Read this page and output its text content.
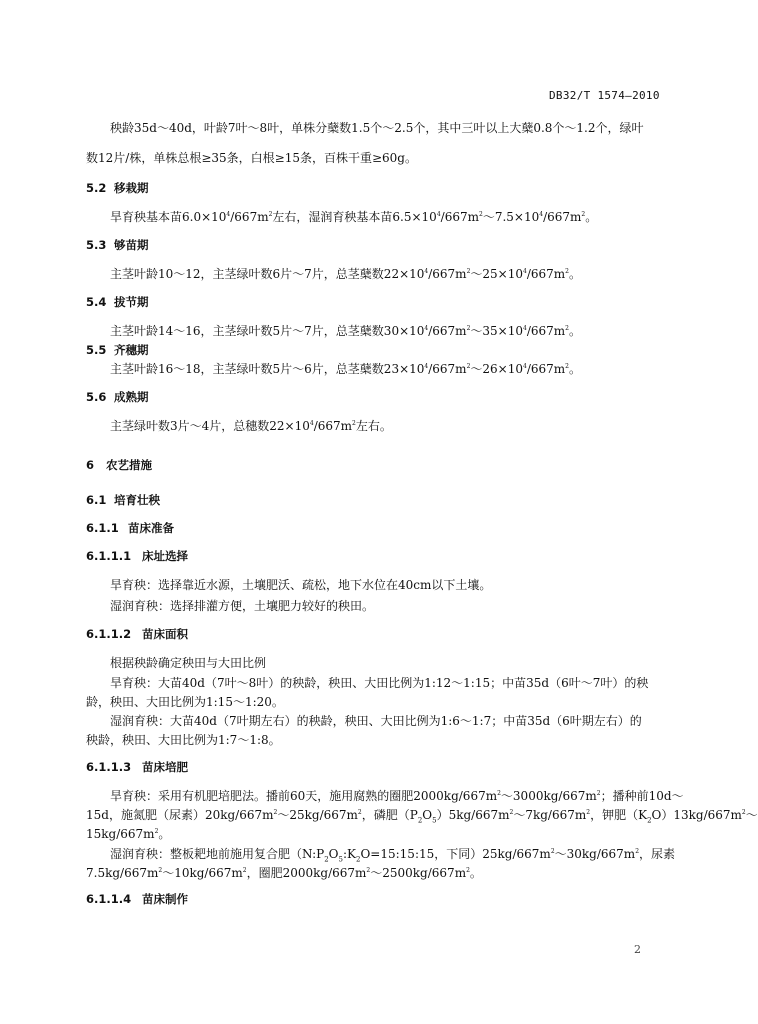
DB32/T 1574—2010
秧龄35d～40d，叶龄7叶～8叶，单株分蘖数1.5个～2.5个，其中三叶以上大蘖0.8个～1.2个，绿叶
数12片/株，单株总根≥35条，白根≥15条，百株干重≥60g。
5.2 移栽期
旱育秧基本苗$6.0\times 10^4/667m^2$左右，湿润育秧基本苗$6.5\times 10^4/667m^2\sim 7.5\times 10^4/667m^2$。
5.3 够苗期
主茎叶龄10～12，主茎绿叶数6片～7片，总茎蘖数$22\times 10^4/667m^2\sim 25\times 10^4/667m^2$。
5.4 拔节期
主茎叶龄14～16，主茎绿叶数5片～7片，总茎蘖数$30\times 10^4/667m^2\sim 35\times 10^4/667m^2$。
5.5 齐穗期
主茎叶龄16～18，主茎绿叶数5片～6片，总茎蘖数$23\times 10^4/667m^2\sim 26\times 10^4/667m^2$。
5.6 成熟期
主茎绿叶数3片～4片，总穗数$22\times 10^4/667m^2$左右。
6 农艺措施
6.1 培育壮秧
6.1.1 苗床准备
6.1.1.1 床址选择
旱育秧：选择靠近水源，土壤肥沃、疏松，地下水位在40cm以下土壤。
湿润育秧：选择排灌方便，土壤肥力较好的秧田。
6.1.1.2 苗床面积
根据秧龄确定秧田与大田比例
旱育秧：大苗40d（7叶～8叶）的秧龄，秧田、大田比例为1:12～1:15；中苗35d（6叶～7叶）的秧
龄，秧田、大田比例为1:15～1:20。
湿润育秧：大苗40d（7叶期左右）的秧龄，秧田、大田比例为1:6～1:7；中苗35d（6叶期左右）的
秧龄，秧田、大田比例为1:7～1:8。
6.1.1.3 苗床培肥
旱育秧：采用有机肥培肥法。播前60天，施用腐熟的圈肥$2000kg/667m^2\sim 3000kg/667m^2$；播种前10d～
15d，施氮肥（尿素）$20kg/667m^2\sim 25kg/667m^2$，磷肥$(P_2O_5)5kg/667m^2\sim 7kg/667m^2$，钾肥$(K_2O)13kg/667m^2\sim$
$15kg/667m^2$。
湿润育秧：整板耙地前施用复合肥（$N:P_2O_5:K_2O=15:15:15$，下同）$25kg/667m^2\sim 30kg/667m^2$，尿素
$7.5kg/667m^2\sim 10kg/667m^2$，圈肥$2000kg/667m^2\sim 2500kg/667m^2$。
6.1.1.4 苗床制作
2
